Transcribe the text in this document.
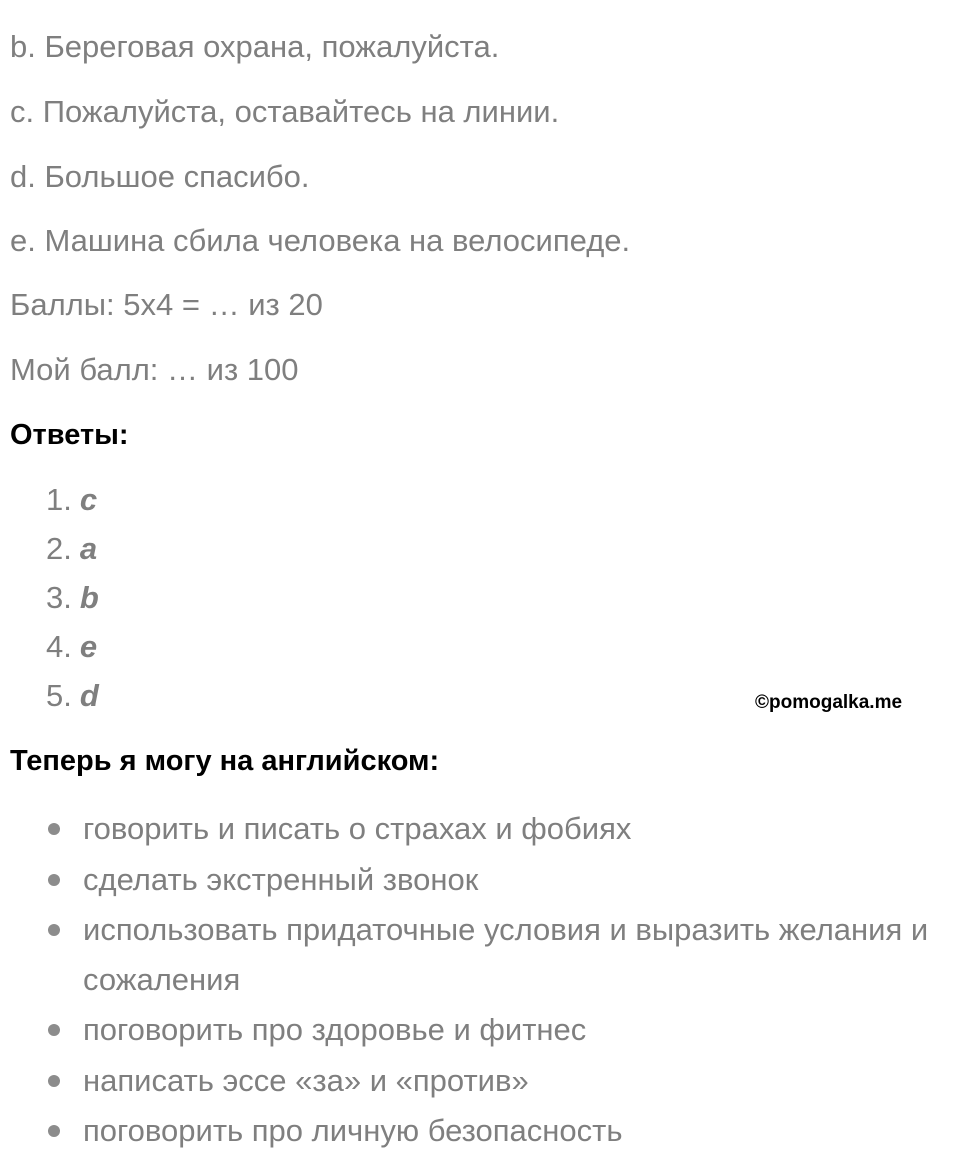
b. Береговая охрана, пожалуйста.
c. Пожалуйста, оставайтесь на линии.
d. Большое спасибо.
e. Машина сбила человека на велосипеде.
Баллы: 5x4 = … из 20
Мой балл: … из 100
Ответы:
1. c
2. a
3. b
4. e
5. d	©pomogalka.me
Теперь я могу на английском:
говорить и писать о страхах и фобиях
сделать экстренный звонок
использовать придаточные условия и выразить желания и сожаления
поговорить про здоровье и фитнес
написать эссе «за» и «против»
поговорить про личную безопасность
